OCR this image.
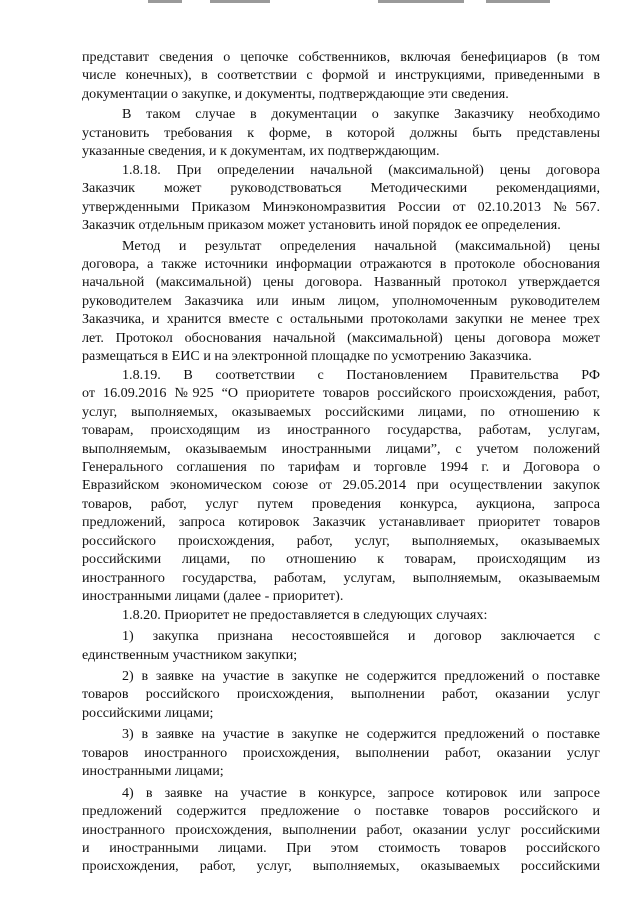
представит сведения о цепочке собственников, включая бенефициаров (в том
числе конечных), в соответствии с формой и инструкциями, приведенными в
документации о закупке, и документы, подтверждающие эти сведения.
В таком случае в документации о закупке Заказчику необходимо
установить требования к форме, в которой должны быть представлены
указанные сведения, и к документам, их подтверждающим.
1.8.18. При определении начальной (максимальной) цены договора
Заказчик может руководствоваться Методическими рекомендациями,
утвержденными Приказом Минэкономразвития России от 02.10.2013 №567.
Заказчик отдельным приказом может установить иной порядок ее определения.
Метод и результат определения начальной (максимальной) цены
договора, а также источники информации отражаются в протоколе обоснования
начальной (максимальной) цены договора. Названный протокол утверждается
руководителем Заказчика или иным лицом, уполномоченным руководителем
Заказчика, и хранится вместе с остальными протоколами закупки не менее трех
лет. Протокол обоснования начальной (максимальной) цены договора может
размещаться в ЕИС и на электронной площадке по усмотрению Заказчика.
1.8.19. В соответствии с Постановлением Правительства РФ
от 16.09.2016 №925 “О приоритете товаров российского происхождения, работ,
услуг, выполняемых, оказываемых российскими лицами, по отношению к
товарам, происходящим из иностранного государства, работам, услугам,
выполняемым, оказываемым иностранными лицами”, с учетом положений
Генерального соглашения по тарифам и торговле 1994 г. и Договора о
Евразийском экономическом союзе от 29.05.2014 при осуществлении закупок
товаров, работ, услуг путем проведения конкурса, аукциона, запроса
предложений, запроса котировок Заказчик устанавливает приоритет товаров
российского происхождения, работ, услуг, выполняемых, оказываемых
российскими лицами, по отношению к товарам, происходящим из
иностранного государства, работам, услугам, выполняемым, оказываемым
иностранными лицами (далее - приоритет).
1.8.20. Приоритет не предоставляется в следующих случаях:
1) закупка признана несостоявшейся и договор заключается с
единственным участником закупки;
2) в заявке на участие в закупке не содержится предложений о поставке
товаров российского происхождения, выполнении работ, оказании услуг
российскими лицами;
3) в заявке на участие в закупке не содержится предложений о поставке
товаров иностранного происхождения, выполнении работ, оказании услуг
иностранными лицами;
4) в заявке на участие в конкурсе, запросе котировок или запросе
предложений содержится предложение о поставке товаров российского и
иностранного происхождения, выполнении работ, оказании услуг российскими
и иностранными лицами. При этом стоимость товаров российского
происхождения, работ, услуг, выполняемых, оказываемых российскими
